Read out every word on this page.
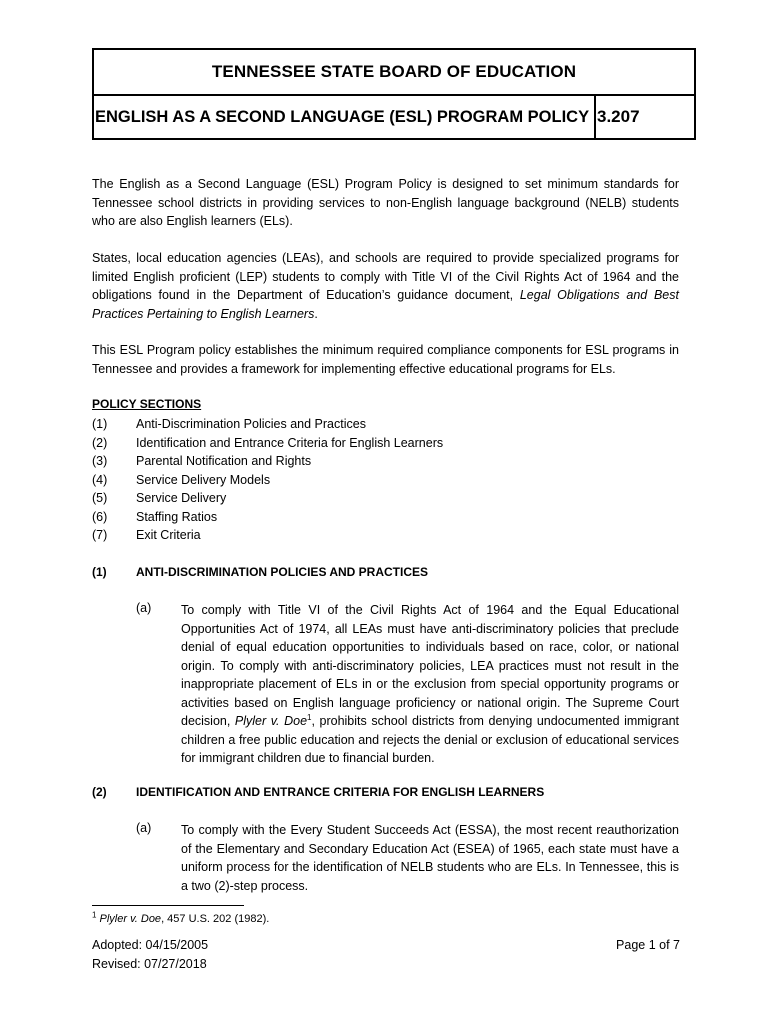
TENNESSEE STATE BOARD OF EDUCATION
ENGLISH AS A SECOND LANGUAGE (ESL) PROGRAM POLICY 3.207
The English as a Second Language (ESL) Program Policy is designed to set minimum standards for Tennessee school districts in providing services to non-English language background (NELB) students who are also English learners (ELs).
States, local education agencies (LEAs), and schools are required to provide specialized programs for limited English proficient (LEP) students to comply with Title VI of the Civil Rights Act of 1964 and the obligations found in the Department of Education’s guidance document, Legal Obligations and Best Practices Pertaining to English Learners.
This ESL Program policy establishes the minimum required compliance components for ESL programs in Tennessee and provides a framework for implementing effective educational programs for ELs.
POLICY SECTIONS
(1) Anti-Discrimination Policies and Practices
(2) Identification and Entrance Criteria for English Learners
(3) Parental Notification and Rights
(4) Service Delivery Models
(5) Service Delivery
(6) Staffing Ratios
(7) Exit Criteria
(1) ANTI-DISCRIMINATION POLICIES AND PRACTICES
(a) To comply with Title VI of the Civil Rights Act of 1964 and the Equal Educational Opportunities Act of 1974, all LEAs must have anti-discriminatory policies that preclude denial of equal education opportunities to individuals based on race, color, or national origin. To comply with anti-discriminatory policies, LEA practices must not result in the inappropriate placement of ELs in or the exclusion from special opportunity programs or activities based on English language proficiency or national origin. The Supreme Court decision, Plyler v. Doe$^1$, prohibits school districts from denying undocumented immigrant children a free public education and rejects the denial or exclusion of educational services for immigrant children due to financial burden.
(2) IDENTIFICATION AND ENTRANCE CRITERIA FOR ENGLISH LEARNERS
(a) To comply with the Every Student Succeeds Act (ESSA), the most recent reauthorization of the Elementary and Secondary Education Act (ESEA) of 1965, each state must have a uniform process for the identification of NELB students who are ELs. In Tennessee, this is a two (2)-step process.
$^1$ Plyler v. Doe, 457 U.S. 202 (1982).
Adopted: 04/15/2005
Revised: 07/27/2018
Page 1 of 7
